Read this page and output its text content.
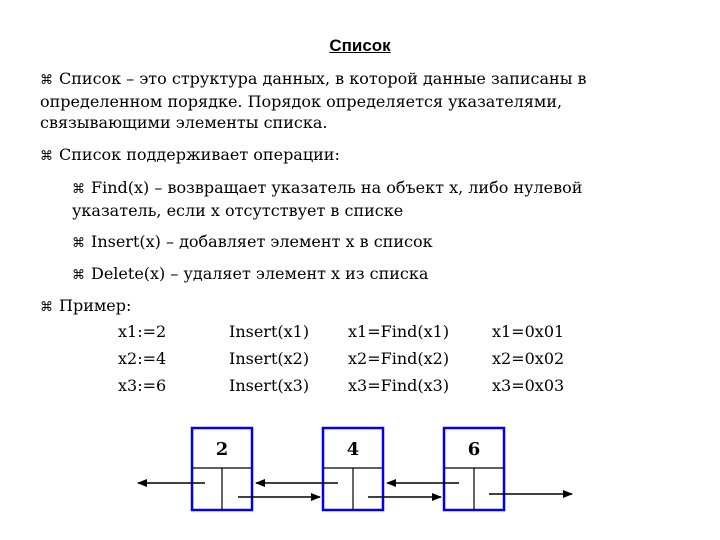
Список
⌘ Список – это структура данных, в которой данные записаны в
определенном порядке. Порядок определяется указателями,
связывающими элементы списка.
⌘ Список поддерживает операции:
⌘ Find(x) – возвращает указатель на объект x, либо нулевой
указатель, если x отсутствует в списке
⌘ Insert(x) – добавляет элемент x в список
⌘ Delete(x) – удаляет элемент x из списка
⌘ Пример:
x1:=2
x2:=4
x3:=6
Insert(x1)
Insert(x2)
Insert(x3)
x1=Find(x1)
x2=Find(x2)
x3=Find(x3)
x1=0x01
x2=0x02
x3=0x03
2	4	6
